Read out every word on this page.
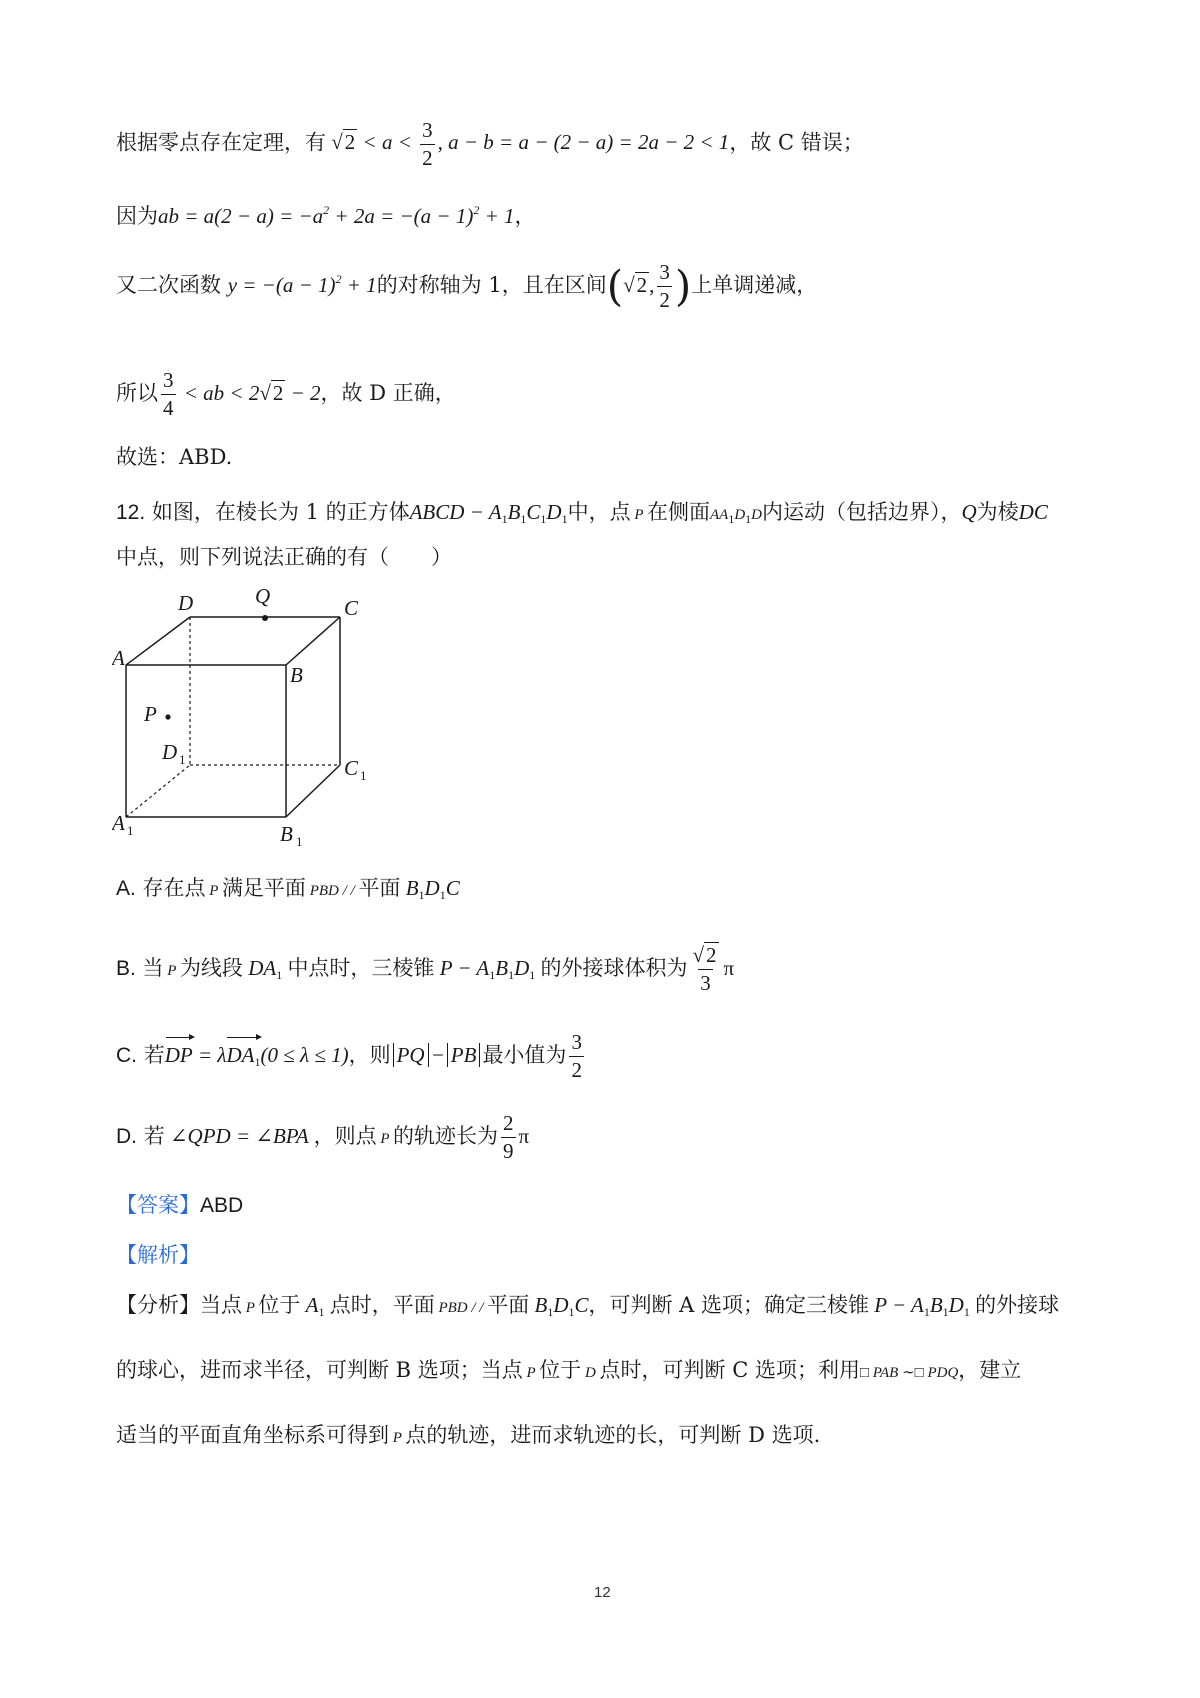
根据零点存在定理，有 $√2 < a < \frac{3}{2}$ , a − b = a − (2 − a) = 2a − 2 < 1，故 C 错误；
因为ab = $a(2 - a) = -a^2 + 2a = -(a - 1)^2 + 1$，
又二次函数 $y = -(a - 1)^2 + 1$的对称轴为 1，且在区间(√2, $\frac{3}{2}$ )上单调递减，
所以 $\frac{3}{4}$ < ab < 2√2 − 2，故 D 正确，
故选：ABD.
12. 如图，在棱长为 1 的正方体ABCD − $A_1B_1C_1D_1$中，点 P 在侧面$AA_1D_1D$内运动（包括边界），Q为棱DC
中点，则下列说法正确的有（　　）
D	Q	C
A
B
P
D 1	C 1
A 1	B 1
A. 存在点 P 满足平面 PBD / / 平面 $B_1D_1C$
B. 当 P 为线段 $DA_1$ 中点时，三棱锥 $P - A_1B_1D_1$ 的外接球体积为 $\frac{√2}{3}$ π
C. 若DP = λDA$_1$(0 ≤ λ ≤ 1)，则 PQ − PB 最小值为 $\frac{3}{2}$
D. 若 ∠QPD = ∠BPA ，则点 P 的轨迹长为 $\frac{2}{9}$ π
【答案】ABD
【解析】
【分析】当点 P 位于 $A_1$ 点时，平面 PBD / / 平面 $B_1D_1C$，可判断 A 选项；确定三棱锥 $P - A_1B_1D_1$ 的外接球
的球心，进而求半径，可判断 B 选项；当点 P 位于 D 点时，可判断 C 选项；利用□ PAB ∼□ PDQ，建立
适当的平面直角坐标系可得到 P 点的轨迹，进而求轨迹的长，可判断 D 选项.
12
